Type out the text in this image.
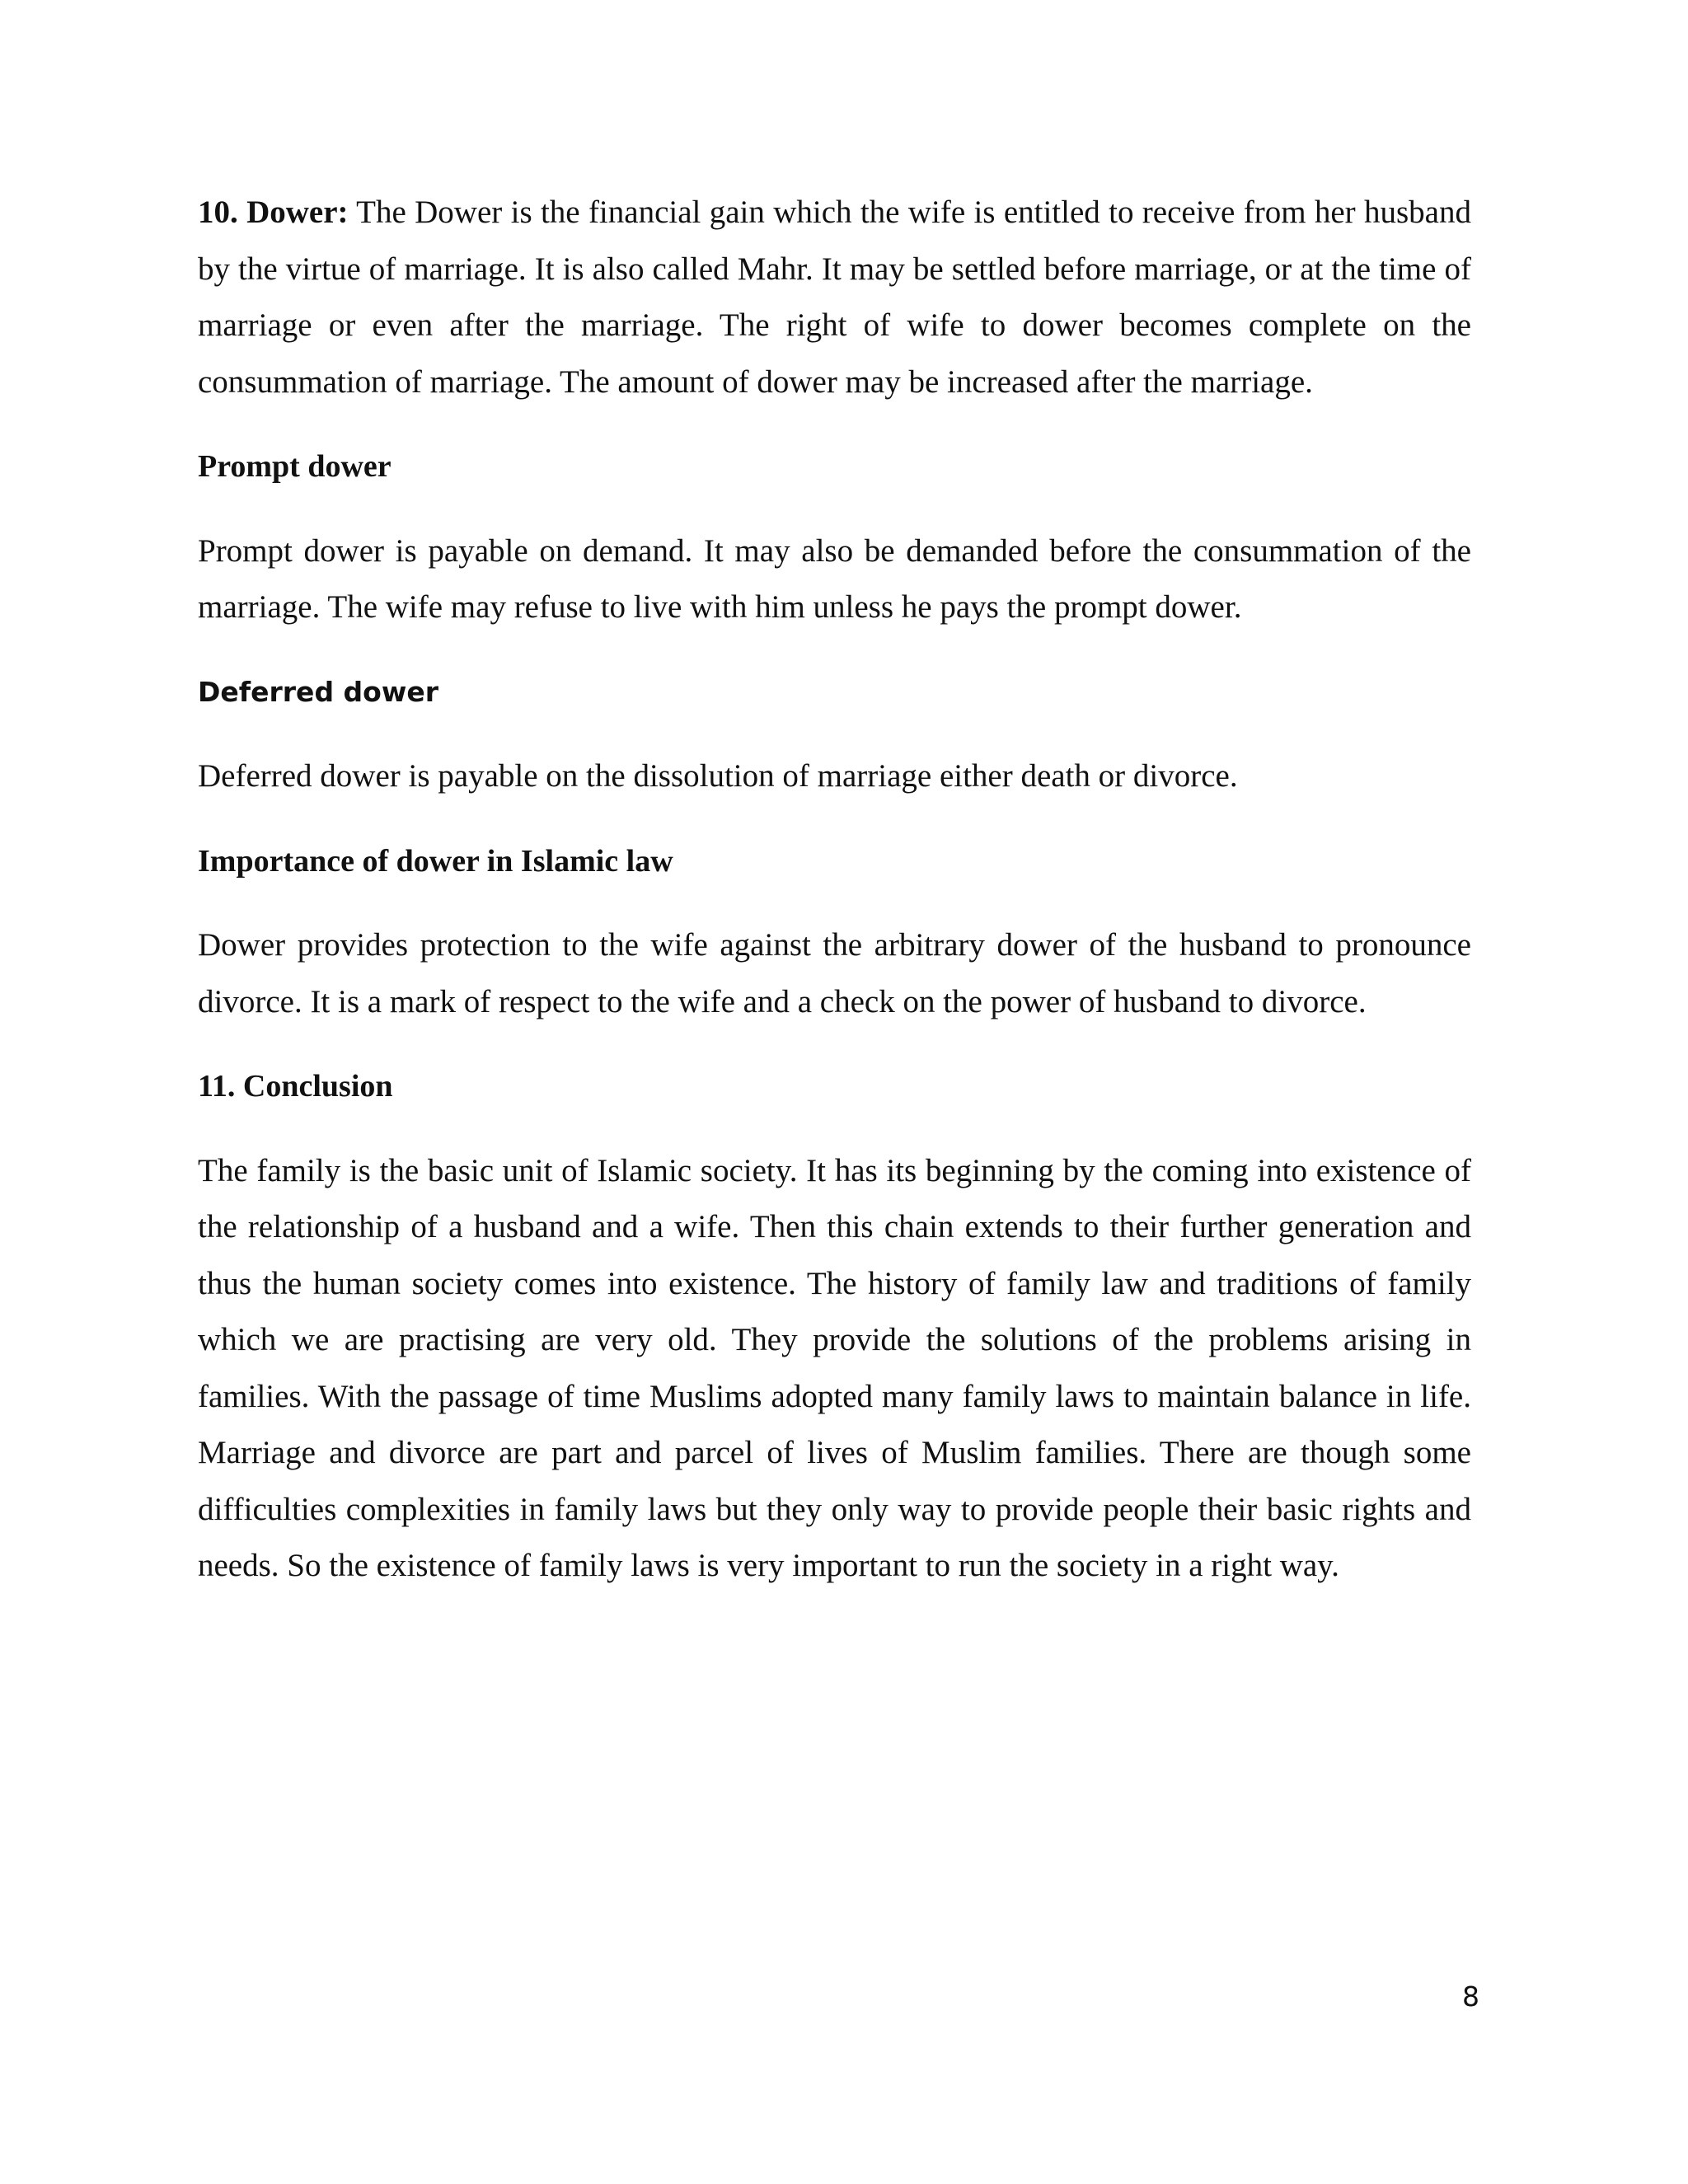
10. Dower: The Dower is the financial gain which the wife is entitled to receive from her husband by the virtue of marriage. It is also called Mahr. It may be settled before marriage, or at the time of marriage or even after the marriage. The right of wife to dower becomes complete on the consummation of marriage. The amount of dower may be increased after the marriage.

Prompt dower

Prompt dower is payable on demand. It may also be demanded before the consummation of the marriage. The wife may refuse to live with him unless he pays the prompt dower.

Deferred dower

Deferred dower is payable on the dissolution of marriage either death or divorce.

Importance of dower in Islamic law

Dower provides protection to the wife against the arbitrary dower of the husband to pronounce divorce. It is a mark of respect to the wife and a check on the power of husband to divorce.

11. Conclusion

The family is the basic unit of Islamic society. It has its beginning by the coming into existence of the relationship of a husband and a wife. Then this chain extends to their further generation and thus the human society comes into existence. The history of family law and traditions of family which we are practising are very old. They provide the solutions of the problems arising in families. With the passage of time Muslims adopted many family laws to maintain balance in life. Marriage and divorce are part and parcel of lives of Muslim families. There are though some difficulties complexities in family laws but they only way to provide people their basic rights and needs. So the existence of family laws is very important to run the society in a right way.

8
